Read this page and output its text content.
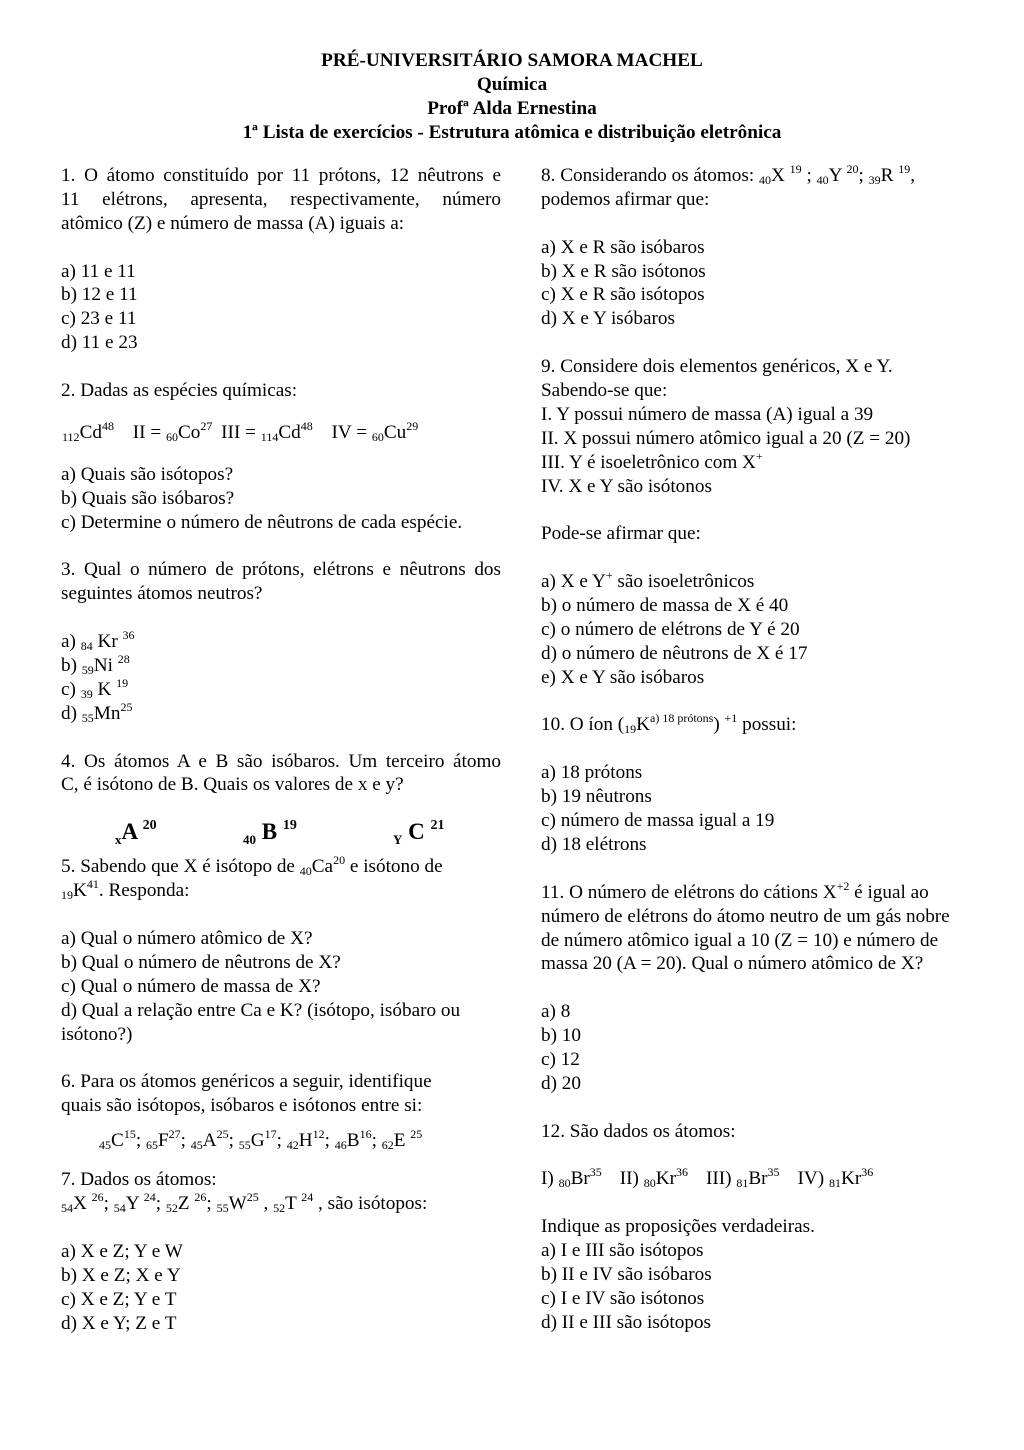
PRÉ-UNIVERSITÁRIO SAMORA MACHEL
Química
Profª Alda Ernestina
1ª Lista de exercícios - Estrutura atômica e distribuição eletrônica
1. O átomo constituído por 11 prótons, 12 nêutrons e
11 elétrons, apresenta, respectivamente, número
atômico (Z) e número de massa (A) iguais a:
a) 11 e 11
b) 12 e 11
c) 23 e 11
d) 11 e 23
2. Dadas as espécies químicas:
$_{112}Cd^{48}$ II = $_{60}Co^{27}$ III = $_{114}Cd^{48}$ IV = $_{60}Cu^{29}$
a) Quais são isótopos?
b) Quais são isóbaros?
c) Determine o número de nêutrons de cada espécie.
3. Qual o número de prótons, elétrons e nêutrons dos
seguintes átomos neutros?
a) $_{84}$ Kr $^{36}$
b) $_{59}$Ni $^{28}$
c) $_{39}$ K $^{19}$
d) $_{55}Mn^{25}$
4. Os átomos A e B são isóbaros. Um terceiro átomo
C, é isótono de B. Quais os valores de x e y?
$_x$A $^{20}$
$_{40}$ B $^{19}$
$_Y$ C $^{21}$
5. Sabendo que X é isótopo de $_{40}Ca^{20}$ e isótono de
$_{19}K^{41}$. Responda:
a) Qual o número atômico de X?
b) Qual o número de nêutrons de X?
c) Qual o número de massa de X?
d) Qual a relação entre Ca e K? (isótopo, isóbaro ou
isótono?)
6. Para os átomos genéricos a seguir, identifique
quais são isótopos, isóbaros e isótonos entre si:
$_{45}C^{15}$; $_{65}F^{27}$; $_{45}A^{25}$; $_{55}G^{17}$; $_{42}H^{12}$; $_{46}B^{16}$; $_{62}$E $^{25}$
7. Dados os átomos:
$_{54}$X $^{26}$; $_{54}$Y $^{24}$; $_{52}$Z $^{26}$; $_{55}W^{25}$ , $_{52}$T $^{24}$ , são isótopos:
a) X e Z; Y e W
b) X e Z; X e Y
c) X e Z; Y e T
d) X e Y; Z e T
8. Considerando os átomos: $_{40}$X $^{19}$ ; $_{40}$Y $^{20}$; $_{39}$R $^{19}$,
podemos afirmar que:
a) X e R são isóbaros
b) X e R são isótonos
c) X e R são isótopos
d) X e Y isóbaros
9. Considere dois elementos genéricos, X e Y.
Sabendo-se que:
I. Y possui número de massa (A) igual a 39
II. X possui número atômico igual a 20 (Z = 20)
III. Y é isoeletrônico com X+
IV. X e Y são isótonos
Pode-se afirmar que:
a) X e Y+ são isoeletrônicos
b) o número de massa de X é 40
c) o número de elétrons de Y é 20
d) o número de nêutrons de X é 17
e) X e Y são isóbaros
10. O íon $(_{19}K^{a) 18 prótons})$ $^{+1}$ possui:
a) 18 prótons
b) 19 nêutrons
c) número de massa igual a 19
d) 18 elétrons
11. O número de elétrons do cátions $X^{+2}$ é igual ao
número de elétrons do átomo neutro de um gás nobre
de número atômico igual a 10 (Z = 10) e número de
massa 20 (A = 20). Qual o número atômico de X?
a) 8
b) 10
c) 12
d) 20
12. São dados os átomos:
I) $_{80}Br^{35}$ II) $_{80}Kr^{36}$ III) $_{81}Br^{35}$ IV) $_{81}Kr^{36}$
Indique as proposições verdadeiras.
a) I e III são isótopos
b) II e IV são isóbaros
c) I e IV são isótonos
d) II e III são isótopos
